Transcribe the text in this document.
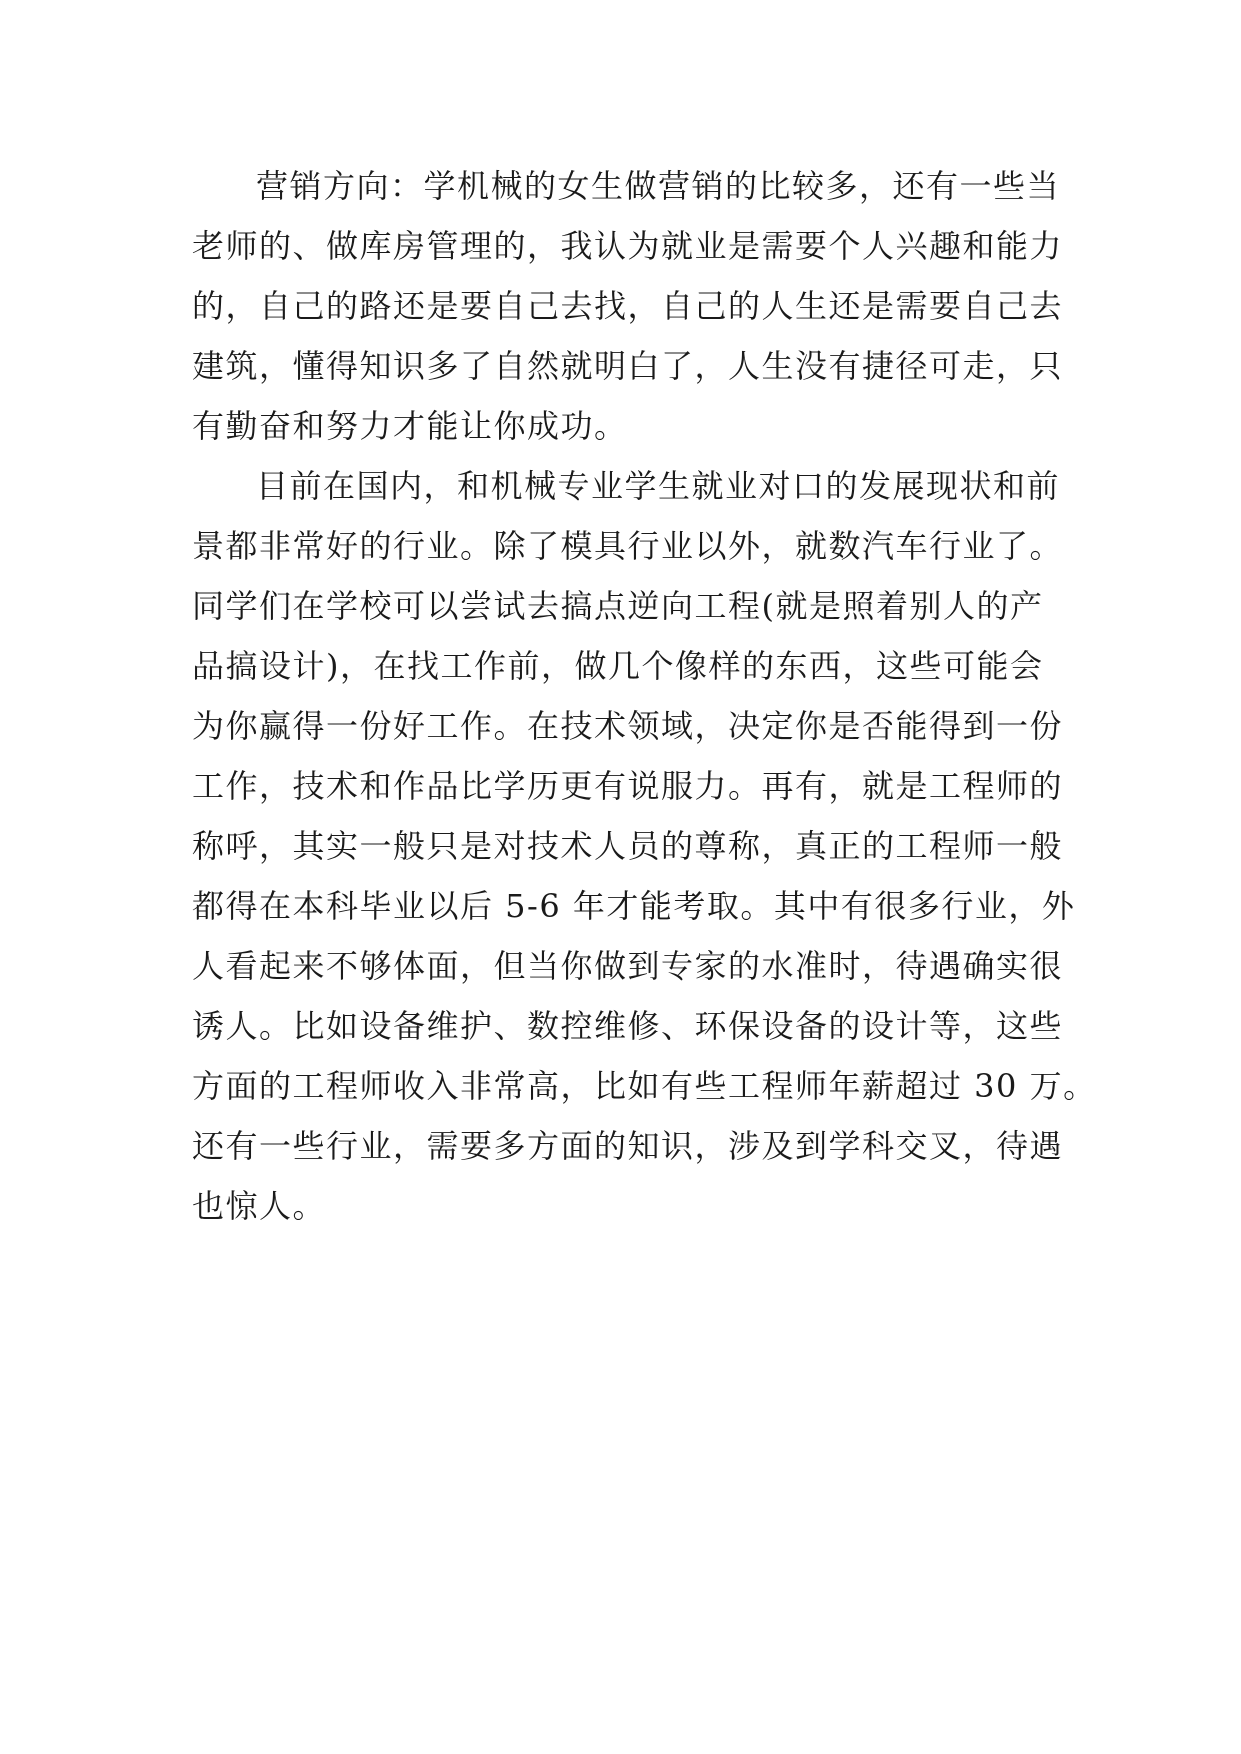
营销方向：学机械的女生做营销的比较多，还有一些当
老师的、做库房管理的，我认为就业是需要个人兴趣和能力
的，自己的路还是要自己去找，自己的人生还是需要自己去
建筑，懂得知识多了自然就明白了，人生没有捷径可走，只
有勤奋和努力才能让你成功。
目前在国内，和机械专业学生就业对口的发展现状和前
景都非常好的行业。除了模具行业以外，就数汽车行业了。
同学们在学校可以尝试去搞点逆向工程(就是照着别人的产
品搞设计)，在找工作前，做几个像样的东西，这些可能会
为你赢得一份好工作。在技术领域，决定你是否能得到一份
工作，技术和作品比学历更有说服力。再有，就是工程师的
称呼，其实一般只是对技术人员的尊称，真正的工程师一般
都得在本科毕业以后 5-6 年才能考取。其中有很多行业，外
人看起来不够体面，但当你做到专家的水准时，待遇确实很
诱人。比如设备维护、数控维修、环保设备的设计等，这些
方面的工程师收入非常高，比如有些工程师年薪超过 30 万。
还有一些行业，需要多方面的知识，涉及到学科交叉，待遇
也惊人。
